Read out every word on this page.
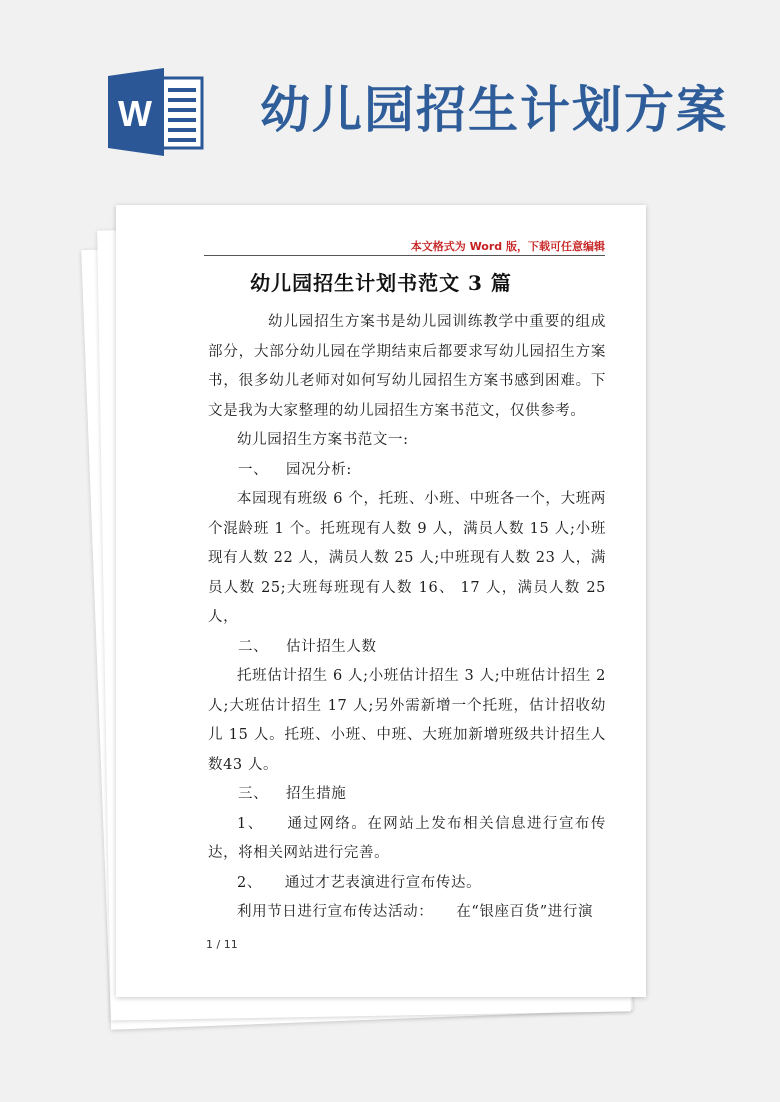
W 幼儿园招生计划方案
本文格式为 Word 版，下载可任意编辑
幼儿园招生计划书范文 3 篇

幼儿园招生方案书是幼儿园训练教学中重要的组成部分，大部分幼儿园在学期结束后都要求写幼儿园招生方案书，很多幼儿老师对如何写幼儿园招生方案书感到困难。下文是我为大家整理的幼儿园招生方案书范文，仅供参考。

幼儿园招生方案书范文一:

一、 园况分析:

本园现有班级 6 个，托班、小班、中班各一个，大班两个混龄班 1 个。托班现有人数 9 人，满员人数 15 人;小班现有人数 22 人，满员人数 25 人;中班现有人数 23 人，满员人数 25;大班每班现有人数 16、 17 人，满员人数 25 人，

二、 估计招生人数

托班估计招生 6 人;小班估计招生 3 人;中班估计招生 2 人;大班估计招生 17 人;另外需新增一个托班，估计招收幼儿 15 人。托班、小班、中班、大班加新增班级共计招生人数43 人。

三、 招生措施

1、   通过网络。在网站上发布相关信息进行宣布传达，将相关网站进行完善。

2、   通过才艺表演进行宣布传达。

利用节日进行宣布传达活动：　　在“银座百货”进行演

1 / 11
